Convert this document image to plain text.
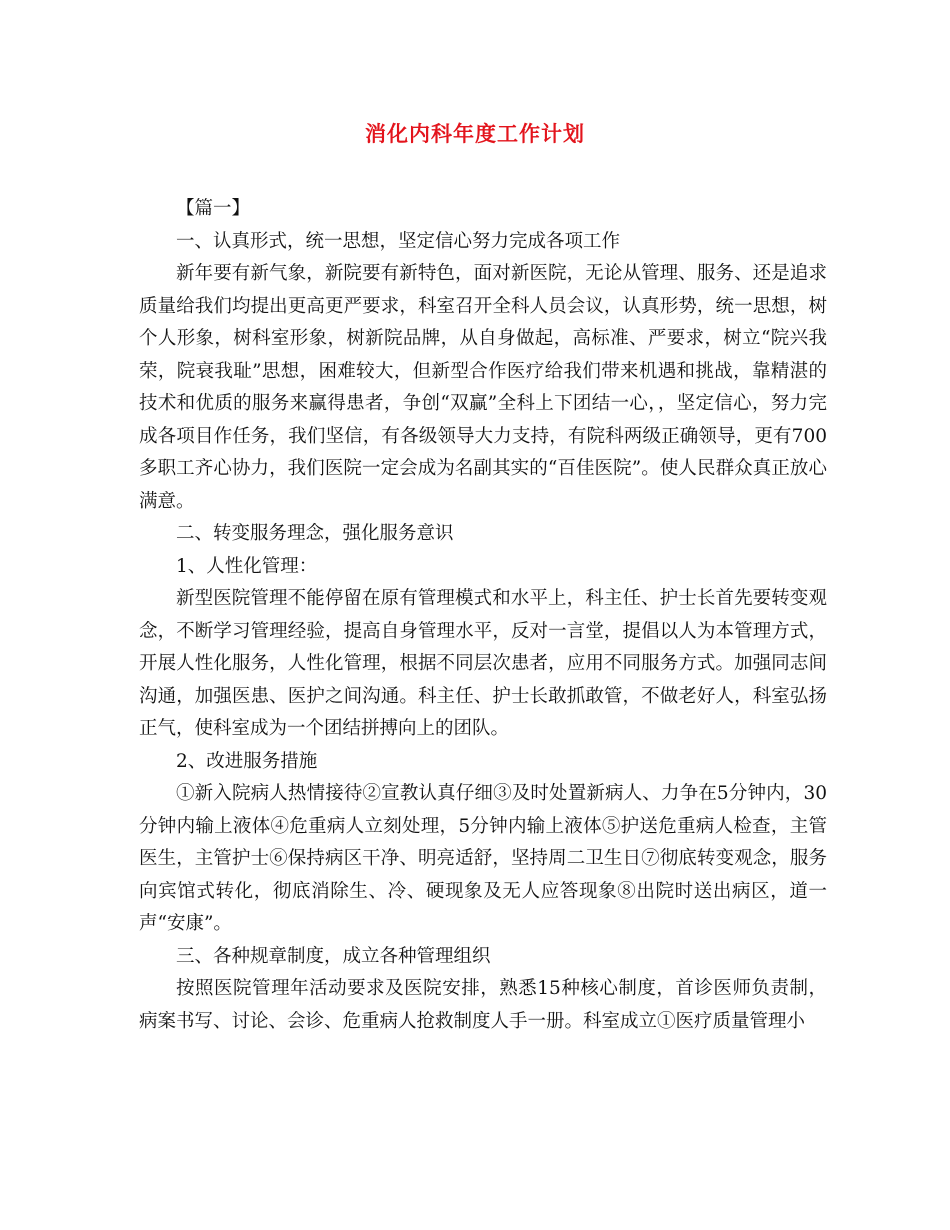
消化内科年度工作计划

【篇一】

一、认真形式，统一思想，坚定信心努力完成各项工作

新年要有新气象，新院要有新特色，面对新医院，无论从管理、服务、还是追求质量给我们均提出更高更严要求，科室召开全科人员会议，认真形势，统一思想，树个人形象，树科室形象，树新院品牌，从自身做起，高标准、严要求，树立“院兴我荣，院衰我耻”思想，困难较大，但新型合作医疗给我们带来机遇和挑战，靠精湛的技术和优质的服务来赢得患者，争创“双赢”全科上下团结一心，，坚定信心，努力完成各项目作任务，我们坚信，有各级领导大力支持，有院科两级正确领导，更有700多职工齐心协力，我们医院一定会成为名副其实的“百佳医院”。使人民群众真正放心满意。

二、转变服务理念，强化服务意识

1、人性化管理：

新型医院管理不能停留在原有管理模式和水平上，科主任、护士长首先要转变观念，不断学习管理经验，提高自身管理水平，反对一言堂，提倡以人为本管理方式，开展人性化服务，人性化管理，根据不同层次患者，应用不同服务方式。加强同志间沟通，加强医患、医护之间沟通。科主任、护士长敢抓敢管，不做老好人，科室弘扬正气，使科室成为一个团结拼搏向上的团队。

2、改进服务措施

①新入院病人热情接待②宣教认真仔细③及时处置新病人、力争在5分钟内，30分钟内输上液体④危重病人立刻处理，5分钟内输上液体⑤护送危重病人检查，主管医生，主管护士⑥保持病区干净、明亮适舒，坚持周二卫生日⑦彻底转变观念，服务向宾馆式转化，彻底消除生、冷、硬现象及无人应答现象⑧出院时送出病区，道一声“安康”。

三、各种规章制度，成立各种管理组织

按照医院管理年活动要求及医院安排，熟悉15种核心制度，首诊医师负责制，病案书写、讨论、会诊、危重病人抢救制度人手一册。科室成立①医疗质量管理小
